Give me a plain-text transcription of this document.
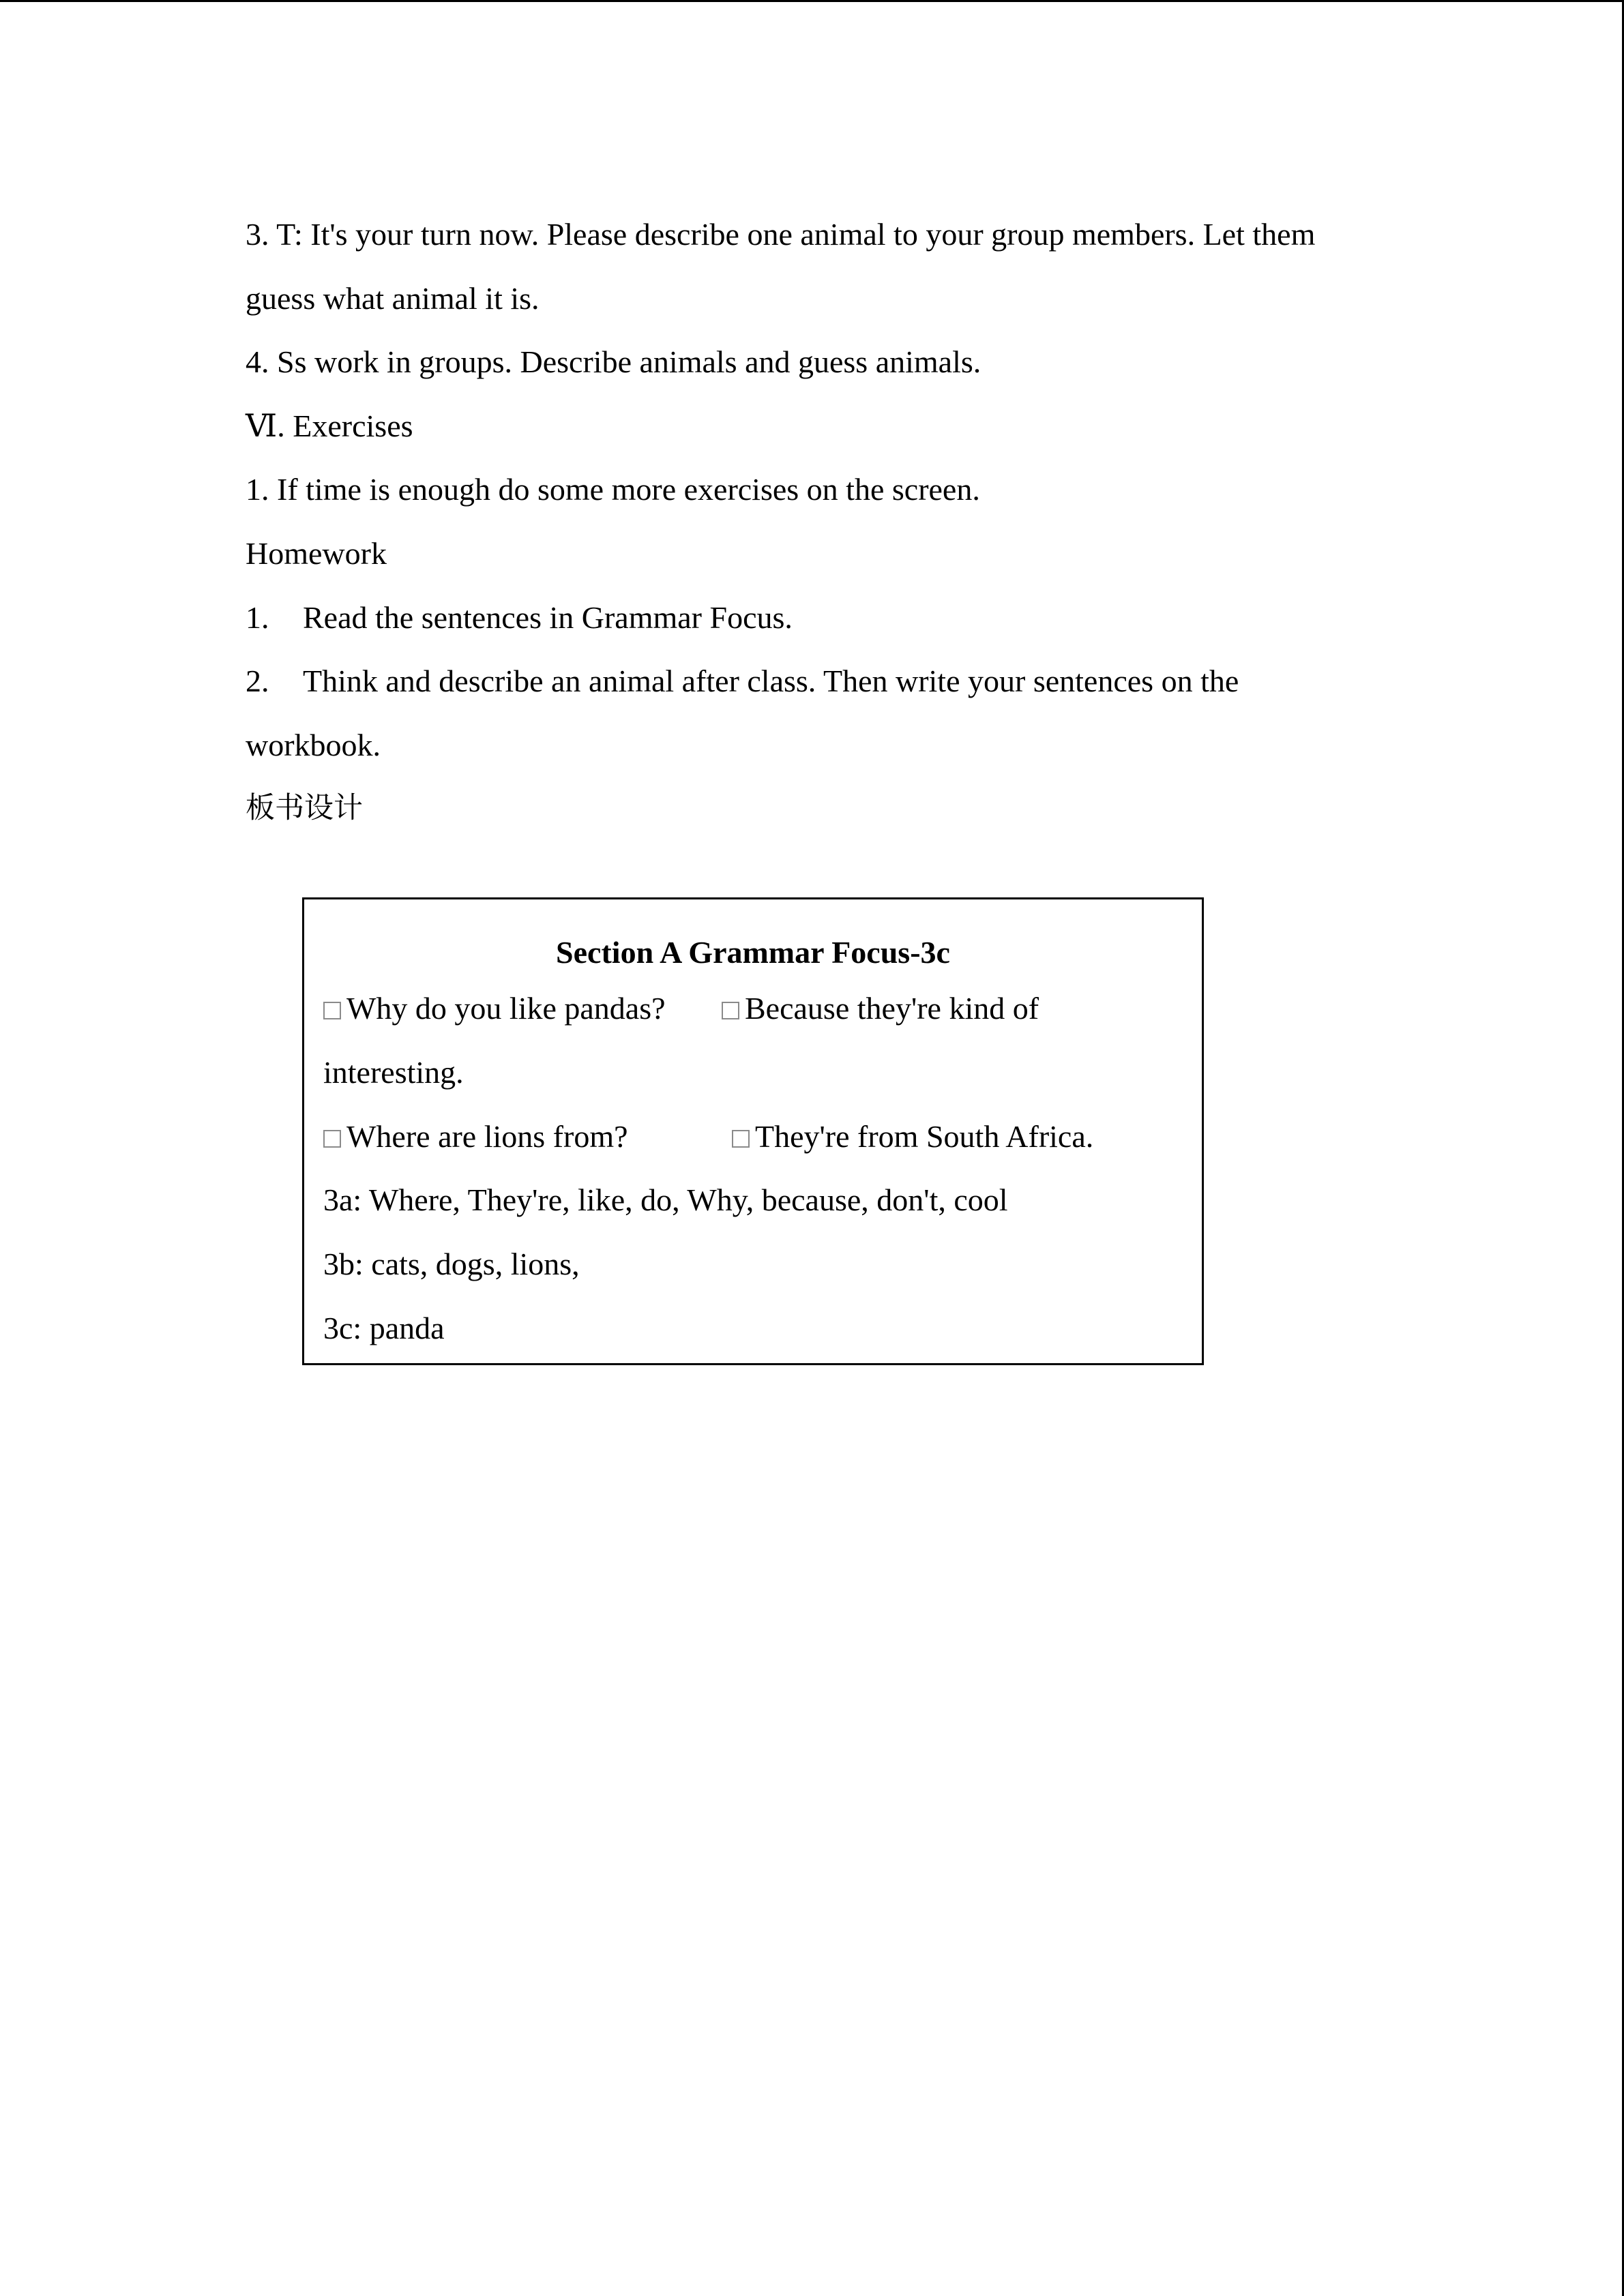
3. T: It's your turn now. Please describe one animal to your group members. Let them
guess what animal it is.
4. Ss work in groups. Describe animals and guess animals.
Ⅵ. Exercises
1. If time is enough do some more exercises on the screen.
Homework
1. Read the sentences in Grammar Focus.
2. Think and describe an animal after class. Then write your sentences on the
workbook.
板书设计
Section A Grammar Focus-3c
Why do you like pandas?	Because they're kind of
interesting.
Where are lions from?	They're from South Africa.
3a: Where, They're, like, do, Why, because, don't, cool
3b: cats, dogs, lions,
3c: panda
